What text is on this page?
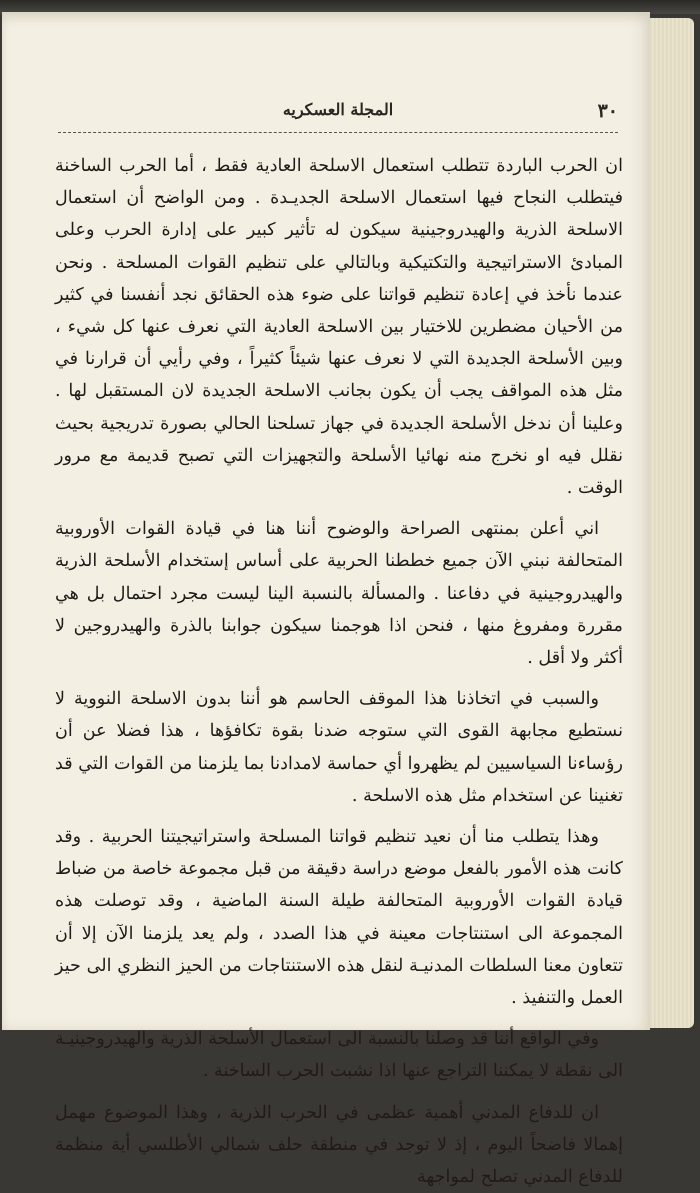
٣٠
المجلة العسكريه

ان الحرب الباردة تتطلب استعمال الاسلحة العادية فقط ، أما الحرب الساخنة فيتطلب النجاح فيها استعمال الاسلحة الجديـدة . ومن الواضح أن استعمال الاسلحة الذرية والهيدروجينية سيكون له تأثير كبير على إدارة الحرب وعلى المبادئ الاستراتيجية والتكتيكية وبالتالي على تنظيم القوات المسلحة . ونحن عندما نأخذ في إعادة تنظيم قواتنا على ضوء هذه الحقائق نجد أنفسنا في كثير من الأحيان مضطرين للاختيار بين الاسلحة العادية التي نعرف عنها كل شيء ، وبين الأسلحة الجديدة التي لا نعرف عنها شيئاً كثيراً ، وفي رأيي أن قرارنا في مثل هذه المواقف يجب أن يكون بجانب الاسلحة الجديدة لان المستقبل لها . وعلينا أن ندخل الأسلحة الجديدة في جهاز تسلحنا الحالي بصورة تدريجية بحيث نقلل فيه او نخرج منه نهائيا الأسلحة والتجهيزات التي تصبح قديمة مع مرور الوقت .

اني أعلن بمنتهى الصراحة والوضوح أننا هنا في قيادة القوات الأوروبية المتحالفة نبني الآن جميع خططنا الحربية على أساس إستخدام الأسلحة الذرية والهيدروجينية في دفاعنا . والمسألة بالنسبة الينا ليست مجرد احتمال بل هي مقررة ومفروغ منها ، فنحن اذا هوجمنا سيكون جوابنا بالذرة والهيدروجين لا أكثر ولا أقل .

والسبب في اتخاذنا هذا الموقف الحاسم هو أننا بدون الاسلحة النووية لا نستطيع مجابهة القوى التي ستوجه ضدنا بقوة تكافؤها ، هذا فضلا عن أن رؤساءنا السياسيين لم يظهروا أي حماسة لامدادنا بما يلزمنا من القوات التي قد تغنينا عن استخدام مثل هذه الاسلحة .

وهذا يتطلب منا أن نعيد تنظيم قواتنا المسلحة واستراتيجيتنا الحربية . وقد كانت هذه الأمور بالفعل موضع دراسة دقيقة من قبل مجموعة خاصة من ضباط قيادة القوات الأوروبية المتحالفة طيلة السنة الماضية ، وقد توصلت هذه المجموعة الى استنتاجات معينة في هذا الصدد ، ولم يعد يلزمنا الآن إلا أن تتعاون معنا السلطات المدنيـة لنقل هذه الاستنتاجات من الحيز النظري الى حيز العمل والتنفيذ .

وفي الواقع أننا قد وصلنا بالنسبة الى استعمال الأسلحة الذرية والهيدروجينيـة الى نقطة لا يمكننا التراجع عنها اذا نشبت الحرب الساخنة .

ان للدفاع المدني أهمية عظمى في الحرب الذرية ، وهذا الموضوع مهمل إهمالا فاضحاً اليوم ، إذ لا توجد في منطقة حلف شمالي الأطلسي أية منظمة للدفاع المدني تصلح لمواجهة
